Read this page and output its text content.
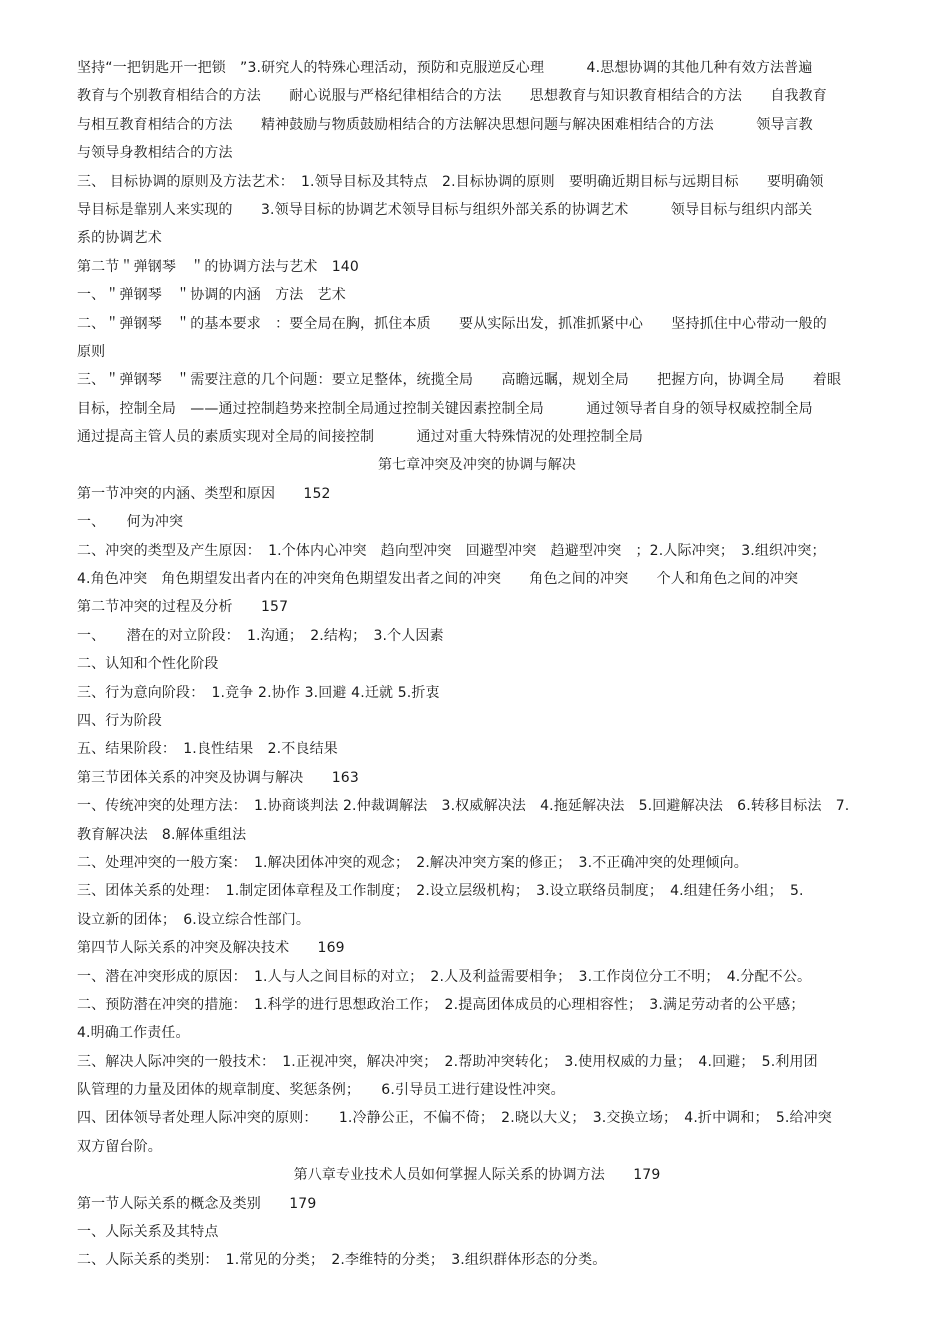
坚持“一把钥匙开一把锁　”3.研究人的特殊心理活动，预防和克服逆反心理　　　4.思想协调的其他几种有效方法普遍
教育与个别教育相结合的方法　　耐心说服与严格纪律相结合的方法　　思想教育与知识教育相结合的方法　　自我教育
与相互教育相结合的方法　　精神鼓励与物质鼓励相结合的方法解决思想问题与解决困难相结合的方法　　　领导言教
与领导身教相结合的方法
三、 目标协调的原则及方法艺术：　1.领导目标及其特点　2.目标协调的原则　要明确近期目标与远期目标　　要明确领
导目标是靠别人来实现的　　3.领导目标的协调艺术领导目标与组织外部关系的协调艺术　　　领导目标与组织内部关
系的协调艺术
第二节＂弹钢琴　＂的协调方法与艺术　140
一、＂弹钢琴　＂协调的内涵　方法　艺术
二、＂弹钢琴　＂的基本要求　：要全局在胸，抓住本质　　要从实际出发，抓准抓紧中心　　坚持抓住中心带动一般的
原则
三、＂弹钢琴　＂需要注意的几个问题：要立足整体，统揽全局　　高瞻远瞩，规划全局　　把握方向，协调全局　　着眼
目标，控制全局　——通过控制趋势来控制全局通过控制关键因素控制全局　　　通过领导者自身的领导权威控制全局
通过提高主管人员的素质实现对全局的间接控制　　　通过对重大特殊情况的处理控制全局
第七章冲突及冲突的协调与解决
第一节冲突的内涵、类型和原因　　152
一、　　何为冲突
二、冲突的类型及产生原因：　1.个体内心冲突　趋向型冲突　回避型冲突　趋避型冲突　；2.人际冲突；　3.组织冲突；
4.角色冲突　角色期望发出者内在的冲突角色期望发出者之间的冲突　　角色之间的冲突　　个人和角色之间的冲突
第二节冲突的过程及分析　　157
一、　　潜在的对立阶段：　1.沟通；　2.结构；　3.个人因素
二、认知和个性化阶段
三、行为意向阶段：　1.竞争 2.协作 3.回避 4.迁就 5.折衷
四、行为阶段
五、结果阶段：　1.良性结果　2.不良结果
第三节团体关系的冲突及协调与解决　　163
一、传统冲突的处理方法：　1.协商谈判法 2.仲裁调解法　3.权威解决法　4.拖延解决法　5.回避解决法　6.转移目标法　7.
教育解决法　8.解体重组法
二、处理冲突的一般方案：　1.解决团体冲突的观念；　2.解决冲突方案的修正；　3.不正确冲突的处理倾向。
三、团体关系的处理：　1.制定团体章程及工作制度；　2.设立层级机构；　3.设立联络员制度；　4.组建任务小组；　5.
设立新的团体；　6.设立综合性部门。
第四节人际关系的冲突及解决技术　　169
一、潜在冲突形成的原因：　1.人与人之间目标的对立；　2.人及利益需要相争；　3.工作岗位分工不明；　4.分配不公。
二、预防潜在冲突的措施：　1.科学的进行思想政治工作；　2.提高团体成员的心理相容性；　3.满足劳动者的公平感；
4.明确工作责任。
三、解决人际冲突的一般技术：　1.正视冲突，解决冲突；　2.帮助冲突转化；　3.使用权威的力量；　4.回避；　5.利用团
队管理的力量及团体的规章制度、奖惩条例；　　6.引导员工进行建设性冲突。
四、团体领导者处理人际冲突的原则：　　1.冷静公正，不偏不倚；　2.晓以大义；　3.交换立场；　4.折中调和；　5.给冲突
双方留台阶。
第八章专业技术人员如何掌握人际关系的协调方法　　179
第一节人际关系的概念及类别　　179
一、人际关系及其特点
二、人际关系的类别：　1.常见的分类；　2.李维特的分类；　3.组织群体形态的分类。
